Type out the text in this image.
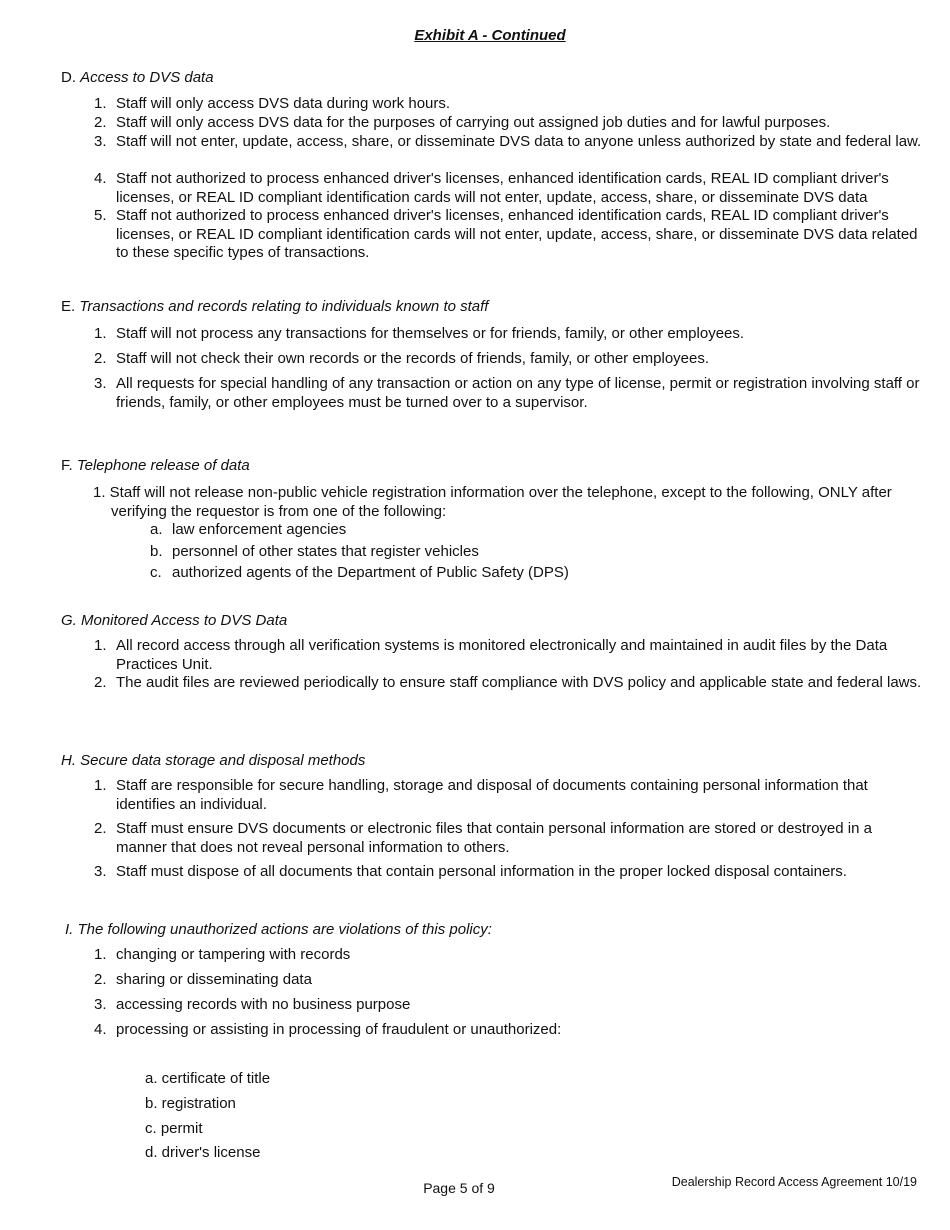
Exhibit A - Continued
D. Access to DVS data
1. Staff will only access DVS data during work hours.
2. Staff will only access DVS data for the purposes of carrying out assigned job duties and for lawful purposes.
3. Staff will not enter, update, access, share, or disseminate DVS data to anyone unless authorized by state and federal law.
4. Staff not authorized to process enhanced driver's licenses, enhanced identification cards, REAL ID compliant driver's licenses, or REAL ID compliant identification cards will not enter, update, access, share, or disseminate DVS data
5. Staff not authorized to process enhanced driver's licenses, enhanced identification cards, REAL ID compliant driver's licenses, or REAL ID compliant identification cards will not enter, update, access, share, or disseminate DVS data related to these specific types of transactions.
E. Transactions and records relating to individuals known to staff
1. Staff will not process any transactions for themselves or for friends, family, or other employees.
2. Staff will not check their own records or the records of friends, family, or other employees.
3. All requests for special handling of any transaction or action on any type of license, permit or registration involving staff or friends, family, or other employees must be turned over to a supervisor.
F. Telephone release of data
1. Staff will not release non-public vehicle registration information over the telephone, except to the following, ONLY after verifying the requestor is from one of the following:
a. law enforcement agencies
b. personnel of other states that register vehicles
c. authorized agents of the Department of Public Safety (DPS)
G. Monitored Access to DVS Data
1. All record access through all verification systems is monitored electronically and maintained in audit files by the Data Practices Unit.
2. The audit files are reviewed periodically to ensure staff compliance with DVS policy and applicable state and federal laws.
H. Secure data storage and disposal methods
1. Staff are responsible for secure handling, storage and disposal of documents containing personal information that identifies an individual.
2. Staff must ensure DVS documents or electronic files that contain personal information are stored or destroyed in a manner that does not reveal personal information to others.
3. Staff must dispose of all documents that contain personal information in the proper locked disposal containers.
I. The following unauthorized actions are violations of this policy:
1. changing or tampering with records
2. sharing or disseminating data
3. accessing records with no business purpose
4. processing or assisting in processing of fraudulent or unauthorized:
a. certificate of title
b. registration
c. permit
d. driver's license
Page 5 of 9	Dealership Record Access Agreement 10/19
